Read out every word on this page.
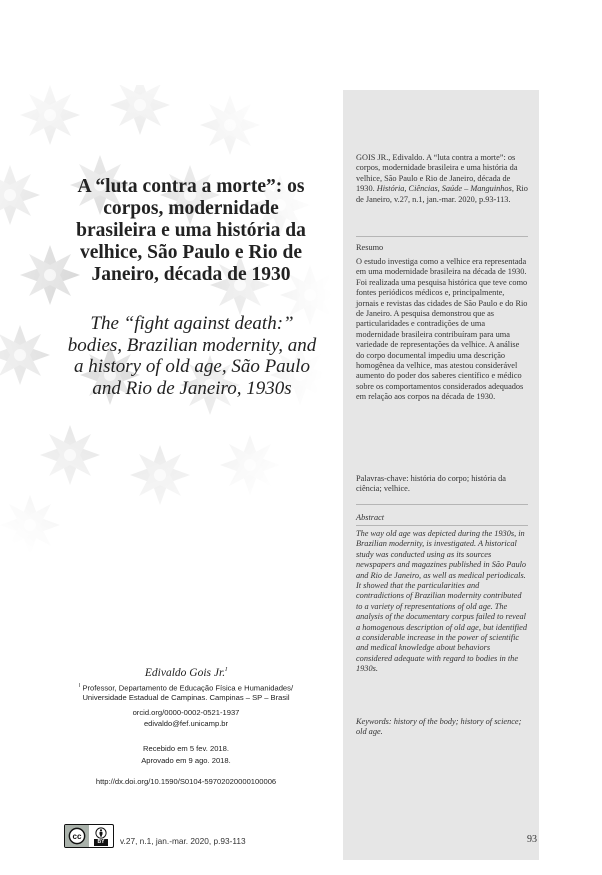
A “luta contra a morte”: os corpos, modernidade brasileira e uma história da velhice, São Paulo e Rio de Janeiro, década de 1930
The “fight against death:” bodies, Brazilian modernity, and a history of old age, São Paulo and Rio de Janeiro, 1930s
Edivaldo Gois Jr.$^I$
$^I$ Professor, Departamento de Educação Física e Humanidades/ Universidade Estadual de Campinas. Campinas – SP – Brasil
orcid.org/0000-0002-0521-1937
edivaldo@fef.unicamp.br
Recebido em 5 fev. 2018.
Aprovado em 9 ago. 2018.
http://dx.doi.org/10.1590/S0104-59702020000100006
GOIS JR., Edivaldo. A “luta contra a morte”: os corpos, modernidade brasileira e uma história da velhice, São Paulo e Rio de Janeiro, década de 1930. História, Ciências, Saúde – Manguinhos, Rio de Janeiro, v.27, n.1, jan.-mar. 2020, p.93-113.
Resumo
O estudo investiga como a velhice era representada em uma modernidade brasileira na década de 1930. Foi realizada uma pesquisa histórica que teve como fontes periódicos médicos e, principalmente, jornais e revistas das cidades de São Paulo e do Rio de Janeiro. A pesquisa demonstrou que as particularidades e contradições de uma modernidade brasileira contribuíram para uma variedade de representações da velhice. A análise do corpo documental impediu uma descrição homogênea da velhice, mas atestou considerável aumento do poder dos saberes científico e médico sobre os comportamentos considerados adequados em relação aos corpos na década de 1930.
Palavras-chave: história do corpo; história da ciência; velhice.
Abstract
The way old age was depicted during the 1930s, in Brazilian modernity, is investigated. A historical study was conducted using as its sources newspapers and magazines published in São Paulo and Rio de Janeiro, as well as medical periodicals. It showed that the particularities and contradictions of Brazilian modernity contributed to a variety of representations of old age. The analysis of the documentary corpus failed to reveal a homogenous description of old age, but identified a considerable increase in the power of scientific and medical knowledge about behaviors considered adequate with regard to bodies in the 1930s.
Keywords: history of the body; history of science; old age.
cc
BY	v.27, n.1, jan.-mar. 2020, p.93-113	93
